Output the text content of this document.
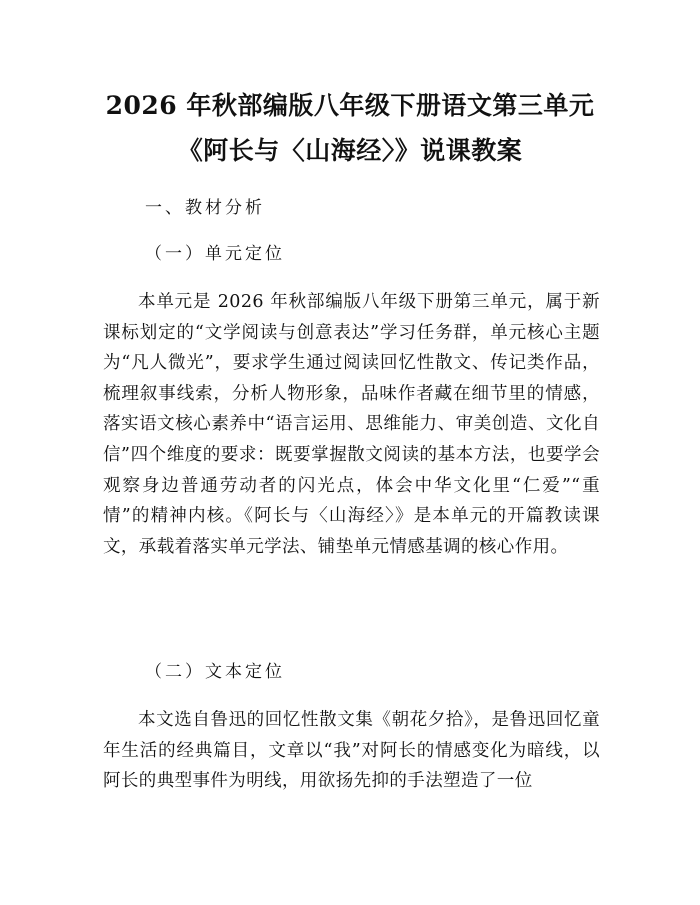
2026 年秋部编版八年级下册语文第三单元
《阿长与〈山海经〉》说课教案
一、教材分析
（一）单元定位
本单元是 2026 年秋部编版八年级下册第三单元，属于新课标划定的“文学阅读与创意表达”学习任务群，单元核心主题为“凡人微光”，要求学生通过阅读回忆性散文、传记类作品，梳理叙事线索，分析人物形象，品味作者藏在细节里的情感，落实语文核心素养中“语言运用、思维能力、审美创造、文化自信”四个维度的要求：既要掌握散文阅读的基本方法，也要学会观察身边普通劳动者的闪光点，体会中华文化里“仁爱”“重情”的精神内核。《阿长与〈山海经〉》是本单元的开篇教读课文，承载着落实单元学法、铺垫单元情感基调的核心作用。
（二）文本定位
本文选自鲁迅的回忆性散文集《朝花夕拾》，是鲁迅回忆童年生活的经典篇目，文章以“我”对阿长的情感变化为暗线，以阿长的典型事件为明线，用欲扬先抑的手法塑造了一位
